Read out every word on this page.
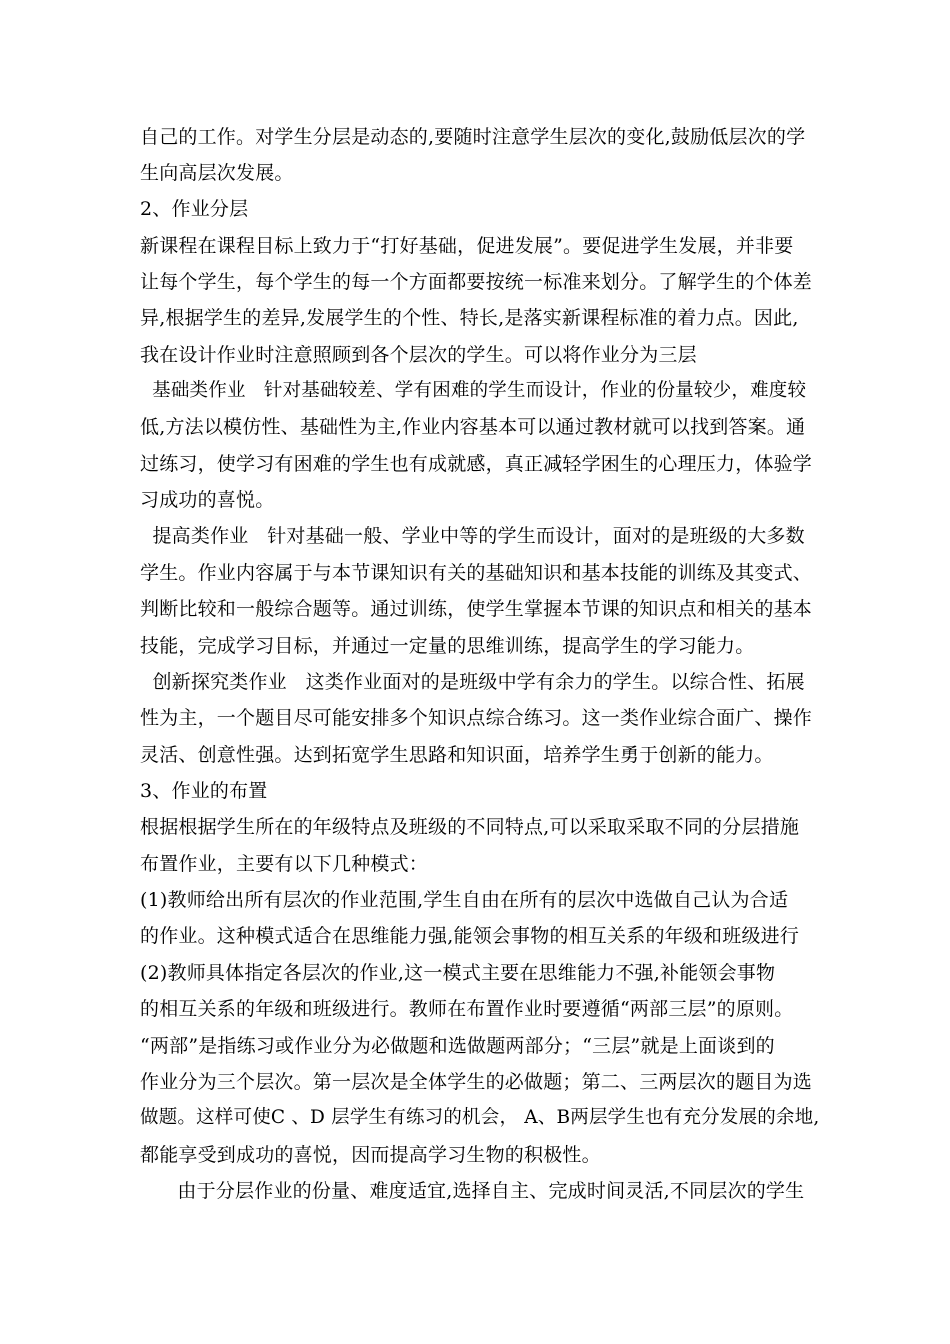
自己的工作。对学生分层是动态的,要随时注意学生层次的变化,鼓励低层次的学
生向高层次发展。
2、作业分层
新课程在课程目标上致力于“打好基础，促进发展”。要促进学生发展，并非要
让每个学生，每个学生的每一个方面都要按统一标准来划分。了解学生的个体差
异,根据学生的差异,发展学生的个性、特长,是落实新课程标准的着力点。因此,
我在设计作业时注意照顾到各个层次的学生。可以将作业分为三层
基础类作业   针对基础较差、学有困难的学生而设计，作业的份量较少，难度较
低,方法以模仿性、基础性为主,作业内容基本可以通过教材就可以找到答案。通
过练习，使学习有困难的学生也有成就感，真正减轻学困生的心理压力，体验学
习成功的喜悦。
提高类作业   针对基础一般、学业中等的学生而设计，面对的是班级的大多数
学生。作业内容属于与本节课知识有关的基础知识和基本技能的训练及其变式、
判断比较和一般综合题等。通过训练，使学生掌握本节课的知识点和相关的基本
技能，完成学习目标，并通过一定量的思维训练，提高学生的学习能力。
创新探究类作业   这类作业面对的是班级中学有余力的学生。以综合性、拓展
性为主，一个题目尽可能安排多个知识点综合练习。这一类作业综合面广、操作
灵活、创意性强。达到拓宽学生思路和知识面，培养学生勇于创新的能力。
3、作业的布置
根据根据学生所在的年级特点及班级的不同特点,可以采取采取不同的分层措施
布置作业，主要有以下几种模式：
(1)教师给出所有层次的作业范围,学生自由在所有的层次中选做自己认为合适
的作业。这种模式适合在思维能力强,能领会事物的相互关系的年级和班级进行
(2)教师具体指定各层次的作业,这一模式主要在思维能力不强,补能领会事物
的相互关系的年级和班级进行。教师在布置作业时要遵循“两部三层”的原则。
“两部”是指练习或作业分为必做题和选做题两部分；“三层”就是上面谈到的
作业分为三个层次。第一层次是全体学生的必做题；第二、三两层次的题目为选
做题。这样可使C 、D 层学生有练习的机会， A、B两层学生也有充分发展的余地,
都能享受到成功的喜悦，因而提高学习生物的积极性。
由于分层作业的份量、难度适宜,选择自主、完成时间灵活,不同层次的学生
